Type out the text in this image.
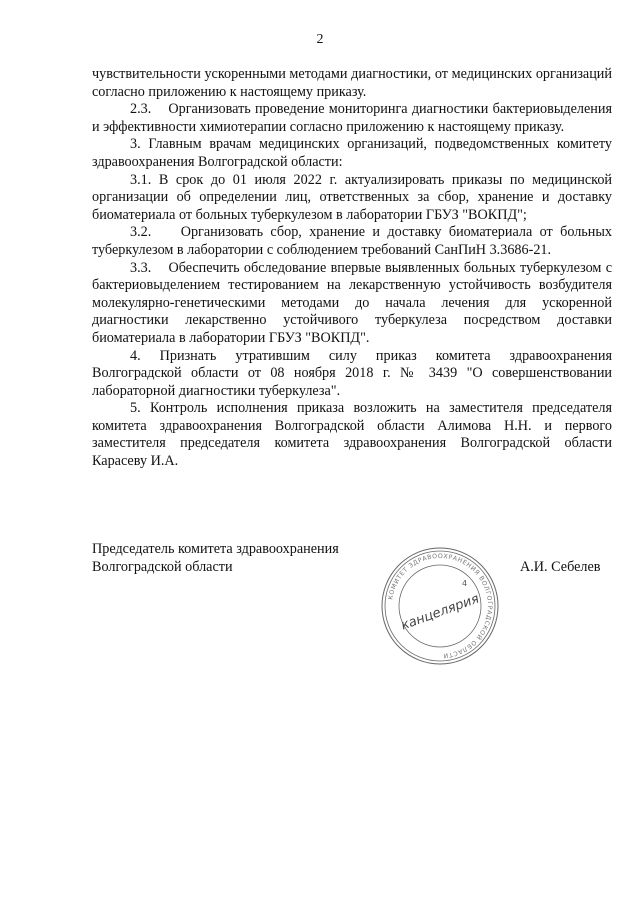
2

чувствительности ускоренными методами диагностики, от медицинских организаций согласно приложению к настоящему приказу.

2.3.    Организовать проведение мониторинга диагностики бактериовыделения и эффективности химиотерапии согласно приложению к настоящему приказу.

3. Главным врачам медицинских организаций, подведомственных комитету здравоохранения Волгоградской области:

3.1. В срок до 01 июля 2022 г. актуализировать приказы по медицинской организации об определении лиц, ответственных за сбор, хранение и доставку биоматериала от больных туберкулезом в лаборатории ГБУЗ "ВОКПД";

3.2.    Организовать сбор, хранение и доставку биоматериала от больных туберкулезом в лаборатории с соблюдением требований СанПиН 3.3686-21.

3.3.    Обеспечить обследование впервые выявленных больных туберкулезом с бактериовыделением тестированием на лекарственную устойчивость возбудителя молекулярно-генетическими методами до начала лечения для ускоренной диагностики лекарственно устойчивого туберкулеза посредством доставки биоматериала в лаборатории ГБУЗ "ВОКПД".

4. Признать утратившим силу приказ комитета здравоохранения Волгоградской области от 08 ноября 2018 г. № 3439 "О совершенствовании лабораторной диагностики туберкулеза".

5. Контроль исполнения приказа возложить на заместителя председателя комитета здравоохранения Волгоградской области Алимова Н.Н. и первого заместителя председателя комитета здравоохранения Волгоградской области Карасеву И.А.

Председатель комитета здравоохранения
Волгоградской области
КОМИТЕТ ЗДРАВООХРАНЕНИЯ ВОЛГОГРАДСКОЙ ОБЛАСТИ
канцелярия
4
А.И. Себелев
